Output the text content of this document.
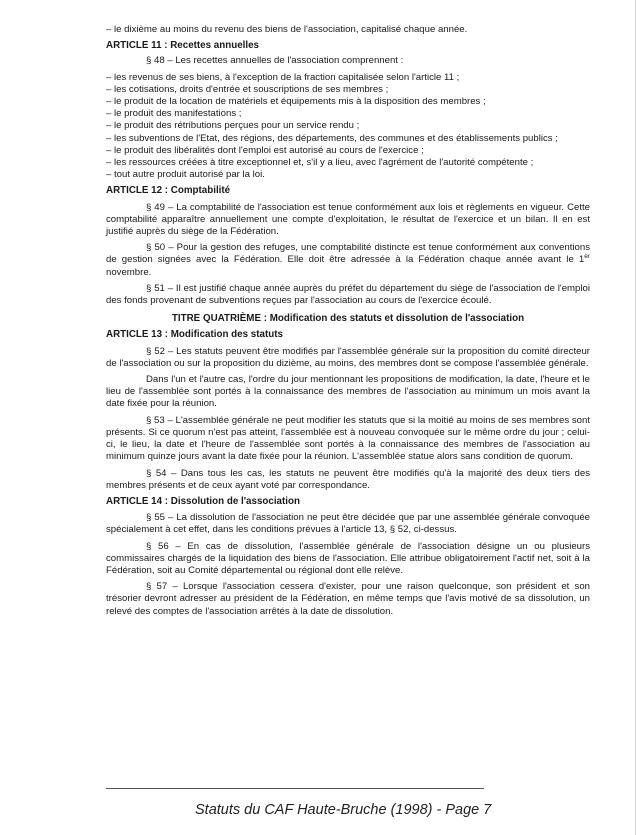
– le dixième au moins du revenu des biens de l'association, capitalisé chaque année.
ARTICLE 11 : Recettes annuelles
§ 48 – Les recettes annuelles de l'association comprennent :
– les revenus de ses biens, à l'exception de la fraction capitalisée selon l'article 11 ;
– les cotisations, droits d'entrée et souscriptions de ses membres ;
– le produit de la location de matériels et équipements mis à la disposition des membres ;
– le produit des manifestations ;
– le produit des rétributions perçues pour un service rendu ;
– les subventions de l'Etat, des régions, des départements, des communes et des établissements publics ;
– le produit des libéralités dont l'emploi est autorisé au cours de l'exercice ;
– les ressources créées à titre exceptionnel et, s'il y a lieu, avec l'agrément de l'autorité compétente ;
– tout autre produit autorisé par la loi.
ARTICLE 12 : Comptabilité
§ 49 – La comptabilité de l'association est tenue conformément aux lois et règlements en vigueur. Cette comptabilité apparaître annuellement une compte d'exploitation, le résultat de l'exercice et un bilan. Il en est justifié auprès du siège de la Fédération.
§ 50 – Pour la gestion des refuges, une comptabilité distincte est tenue conformément aux conventions de gestion signées avec la Fédération. Elle doit être adressée à la Fédération chaque année avant le 1er novembre.
§ 51 – Il est justifié chaque année auprès du préfet du département du siège de l'association de l'emploi des fonds provenant de subventions reçues par l'association au cours de l'exercice écoulé.
TITRE QUATRIÈME : Modification des statuts et dissolution de l'association
ARTICLE 13 : Modification des statuts
§ 52 – Les statuts peuvent être modifiés par l'assemblée générale sur la proposition du comité directeur de l'association ou sur la proposition du dizième, au moins, des membres dont se compose l'assemblée générale.
Dans l'un et l'autre cas, l'ordre du jour mentionnant les propositions de modification, la date, l'heure et le lieu de l'assemblée sont portés à la connaissance des membres de l'association au minimum un mois avant la date fixée pour la réunion.
§ 53 – L'assemblée générale ne peut modifier les statuts que si la moitié au moins de ses membres sont présents. Si ce quorum n'est pas atteint, l'assemblée est à nouveau convoquée sur le même ordre du jour ; celui-ci, le lieu, la date et l'heure de l'assemblée sont portés à la connaissance des membres de l'association au minimum quinze jours avant la date fixée pour la réunion. L'assemblée statue alors sans condition de quorum.
§ 54 – Dans tous les cas, les statuts ne peuvent être modifiés qu'à la majorité des deux tiers des membres présents et de ceux ayant voté par correspondance.
ARTICLE 14 : Dissolution de l'association
§ 55 – La dissolution de l'association ne peut être décidée que par une assemblée générale convoquée spécialement à cet effet, dans les conditions prévues à l'article 13, § 52, ci-dessus.
§ 56 – En cas de dissolution, l'assemblée générale de l'association désigne un ou plusieurs commissaires chargés de la liquidation des biens de l'association. Elle attribue obligatoirement l'actif net, soit à la Fédération, soit au Comité départemental ou régional dont elle relève.
§ 57 – Lorsque l'association cessera d'exister, pour une raison quelconque, son président et son trésorier devront adresser au président de la Fédération, en même temps que l'avis motivé de sa dissolution, un relevé des comptes de l'association arrêtés à la date de dissolution.
Statuts du CAF Haute-Bruche (1998) - Page 7
